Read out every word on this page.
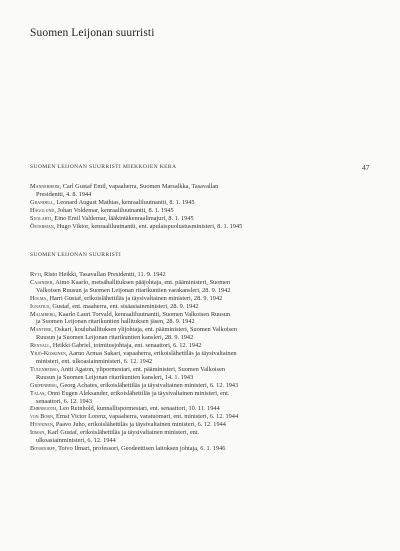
Suomen Leijonan suurristi
47
SUOMEN LEIJONAN SUURRISTI MIEKKOJEN KERA
Mannerheim, Carl Gustaf Emil, vapaaherra, Suomen Marsalkka, Tasavallan
Presidentti, 4. 8. 1944
Grandell, Leonard August Mathias, kenraaliluutnantti, 8. 1. 1945
Hägglund, Johan Voldemar, kenraaliluutnantti, 8. 1. 1945
Suolahti, Eino Emil Valdemar, lääkintäkenraalimajuri, 8. 1. 1945
Österman, Hugo Viktor, kenraaliluutnantti, ent. apulaispuolustusministeri, 8. 1. 1945
SUOMEN LEIJONAN SUURRISTI
Ryti, Risto Heikki, Tasavallan Presidentti, 11. 9. 1942
Cajander, Aimo Kaarlo, metsähallituksen pääjohtaja, ent. pääministeri, Suomen
Valkoisen Ruusun ja Suomen Leijonan ritarikuntien varakansleri, 28. 9. 1942
Holma, Harri Gustaf, erikoislähettiläs ja täysivaltainen ministeri, 28. 9. 1942
Ignatius, Gustaf, ent. maaherra, ent. sisäasiainministeri, 28. 9. 1942
Malmberg, Kaarlo Lauri Torvald, kenraaliluutnantti, Suomen Valkoisen Ruusun
ja Suomen Leijonan ritarikuntien hallituksen jäsen, 28. 9. 1942
Mantere, Oskari, kouluhallituksen ylijohtaja, ent. pääministeri, Suomen Valkoisen
Ruusun ja Suomen Leijonan ritarikuntien kansleri, 28. 9. 1942
Renvall, Heikki Gabriel, toimitusjohtaja, ent. senaattori, 6. 12. 1942
Yrjö-Koskinen, Aarno Armas Sakari, vapaaherra, erikoislähettiläs ja täysivaltainen
ministeri, ent. ulkoasiainministeri, 6. 12. 1942
Tulenheimo, Antti Agaton, ylipormestari, ent. pääministeri, Suomen Valkoisen
Ruusun ja Suomen Leijonan ritarikuntien kansleri, 14. 1. 1943
Gripenberg, Georg Achates, erikoislähettiläs ja täysivaltainen ministeri, 6. 12. 1943
Talas, Onni Eugen Aleksander, erikoislähettiläs ja täysivaltainen ministeri, ent.
senaattori, 6. 12. 1943
Ehrnrooth, Leo Reinhold, kunnallispormestari, ent. senaattori, 10. 11. 1944
von Born, Ernst Victor Lorenz, vapaaherra, varatuomari, ent. ministeri, 6. 12. 1944
Hynninen, Paavo Juho, erikoislähettiläs ja täysivaltainen ministeri, 6. 12. 1944
Idman, Karl Gustaf, erikoislähettiläs ja täysivaltainen ministeri, ent.
ulkoasiainministeri, 6. 12. 1944
Bonsdorff, Toivo Ilmari, professori, Geodeettisen laitoksen johtaja, 6. 1. 1946
